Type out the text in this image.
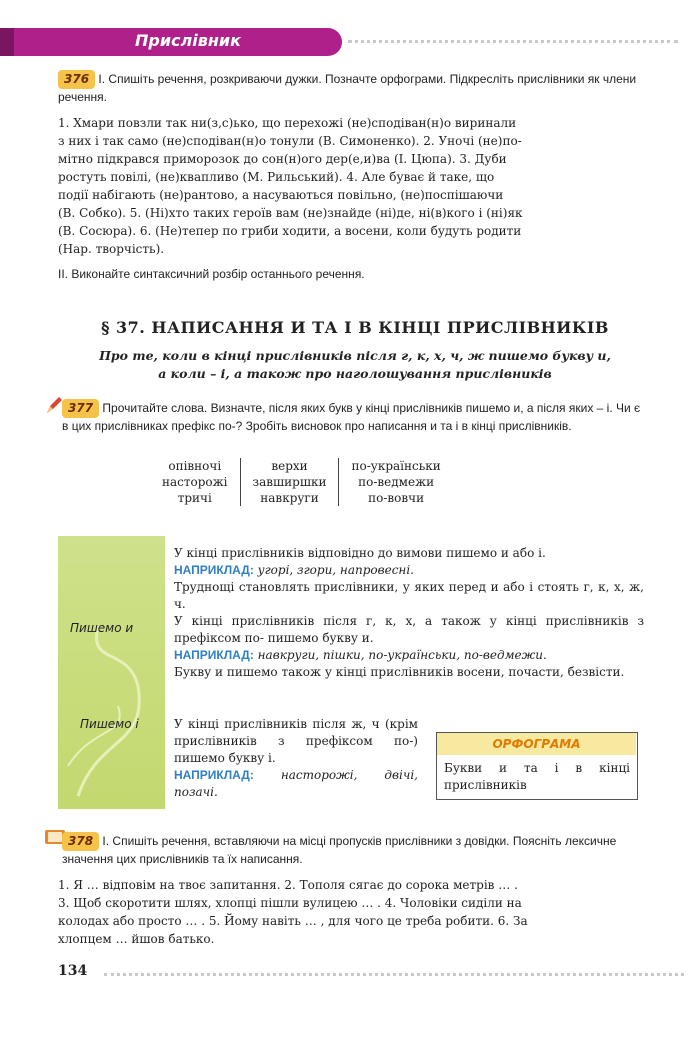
Прислівник
376 І. Спишіть речення, розкриваючи дужки. Позначте орфограми. Підкресліть прислівники як члени речення.
1. Хмари повзли так ни(з,с)ько, що перехожі (не)сподіван(н)о виринали
з них і так само (не)сподіван(н)о тонули (В. Симоненко). 2. Уночі (не)по-
мітно підкрався приморозок до сон(н)ого дер(е,и)ва (І. Цюпа). 3. Дуби
ростуть повілі, (не)квапливо (М. Рильський). 4. Але буває й таке, що
події набігають (не)рантово, а насуваються повільно, (не)поспішаючи
(В. Собко). 5. (Ні)хто таких героїв вам (не)знайде (ні)де, ні(в)кого і (ні)як
(В. Сосюра). 6. (Не)тепер по гриби ходити, а восени, коли будуть родити
(Нар. творчість).
ІІ. Виконайте синтаксичний розбір останнього речення.
§ 37. НАПИСАННЯ И ТА І В КІНЦІ ПРИСЛІВНИКІВ
Про те, коли в кінці прислівників після г, к, х, ч, ж пишемо букву и,
а коли – і, а також про наголошування прислівників
377 Прочитайте слова. Визначте, після яких букв у кінці прислівників пишемо и, а після яких – і. Чи є в цих прислівниках префікс по-? Зробіть висновок про написання и та і в кінці прислівників.
опівночі	верхи	по-українськи
насторожі	завширшки	по-ведмежи
тричі	навкруги	по-вовчи
Пишемо и
Пишемо і
У кінці прислівників відповідно до вимови пишемо и або і.
НАПРИКЛАД: угорі, згори, напровесні.
Труднощі становлять прислівники, у яких перед и або і стоять г, к, х, ж, ч.
У кінці прислівників після г, к, х, а також у кінці прислівників з префіксом по- пишемо букву и.
НАПРИКЛАД: навкруги, пішки, по-українськи, по-ведмежи.
Букву и пишемо також у кінці прислівників восени, почасти, безвісти.
У кінці прислівників після ж, ч (крім прислівників з префіксом по-) пишемо букву і.
НАПРИКЛАД: насторожі, двічі, позачі.
ОРФОГРАМА
Букви и та і в кінці прислівників
378 І. Спишіть речення, вставляючи на місці пропусків прислівники з довідки. Поясніть лексичне значення цих прислівників та їх написання.
1. Я … відповім на твоє запитання. 2. Тополя сягає до сорока метрів … .
3. Щоб скоротити шлях, хлопці пішли вулицею … . 4. Чоловіки сиділи на
колодах або просто … . 5. Йому навіть … , для чого це треба робити. 6. За
хлопцем … йшов батько.
134
